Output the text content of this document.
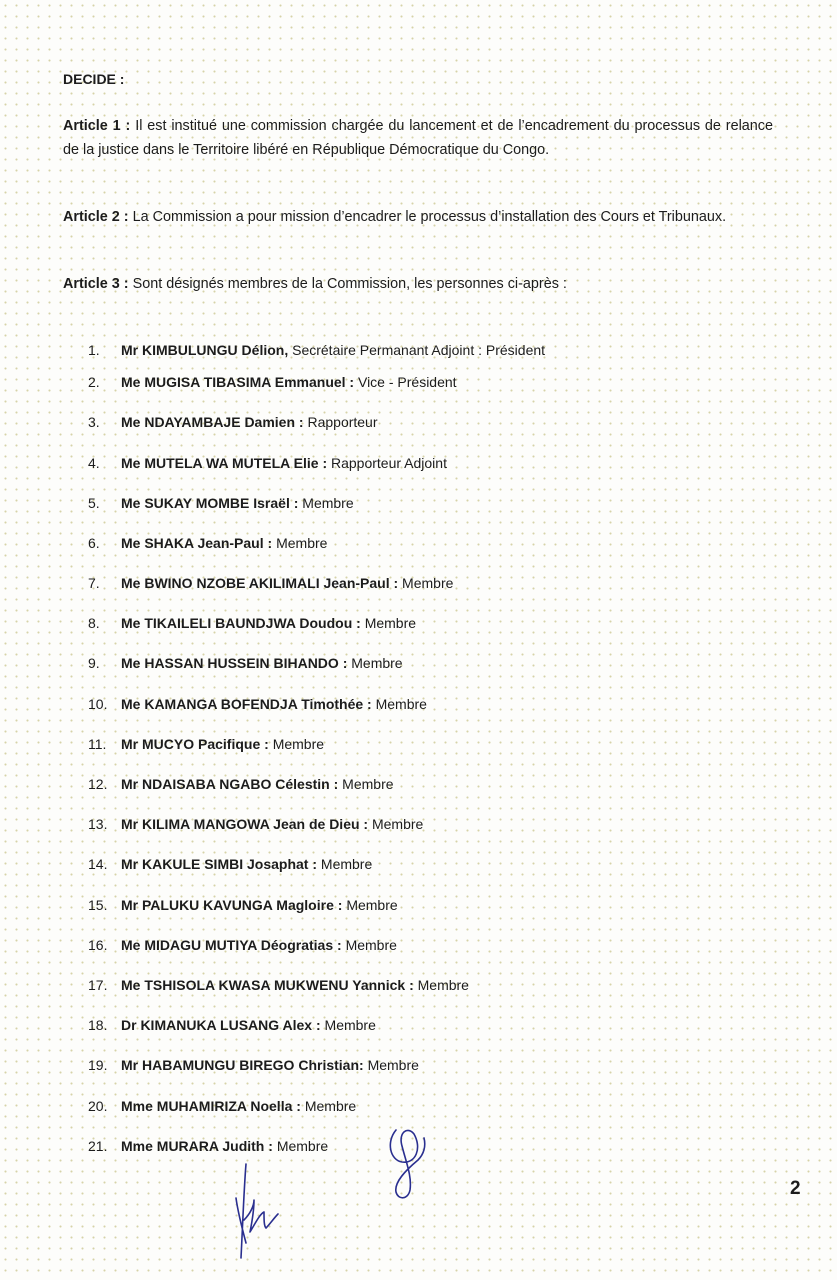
DECIDE :

Article 1 : Il est institué une commission chargée du lancement et de l’encadrement du processus de relance de la justice dans le Territoire libéré en République Démocratique du Congo.

Article 2 : La Commission a pour mission d’encadrer le processus d’installation des Cours et Tribunaux.

Article 3 : Sont désignés membres de la Commission, les personnes ci-après :

1. Mr KIMBULUNGU Délion, Secrétaire Permanant Adjoint : Président
2. Me MUGISA TIBASIMA Emmanuel : Vice - Président
3. Me NDAYAMBAJE Damien : Rapporteur
4. Me MUTELA WA MUTELA Elie : Rapporteur Adjoint
5. Me SUKAY MOMBE Israël : Membre
6. Me SHAKA Jean-Paul : Membre
7. Me BWINO NZOBE AKILIMALI Jean-Paul : Membre
8. Me TIKAILELI BAUNDJWA Doudou : Membre
9. Me HASSAN HUSSEIN BIHANDO : Membre
10. Me KAMANGA BOFENDJA Timothée : Membre
11. Mr MUCYO Pacifique : Membre
12. Mr NDAISABA NGABO Célestin : Membre
13. Mr KILIMA MANGOWA Jean de Dieu : Membre
14. Mr KAKULE SIMBI Josaphat : Membre
15. Mr PALUKU KAVUNGA Magloire : Membre
16. Me MIDAGU MUTIYA Déogratias : Membre
17. Me TSHISOLA KWASA MUKWENU Yannick : Membre
18. Dr KIMANUKA LUSANG Alex : Membre
19. Mr HABAMUNGU BIREGO Christian: Membre
20. Mme MUHAMIRIZA Noella : Membre
21. Mme MURARA Judith : Membre

2
